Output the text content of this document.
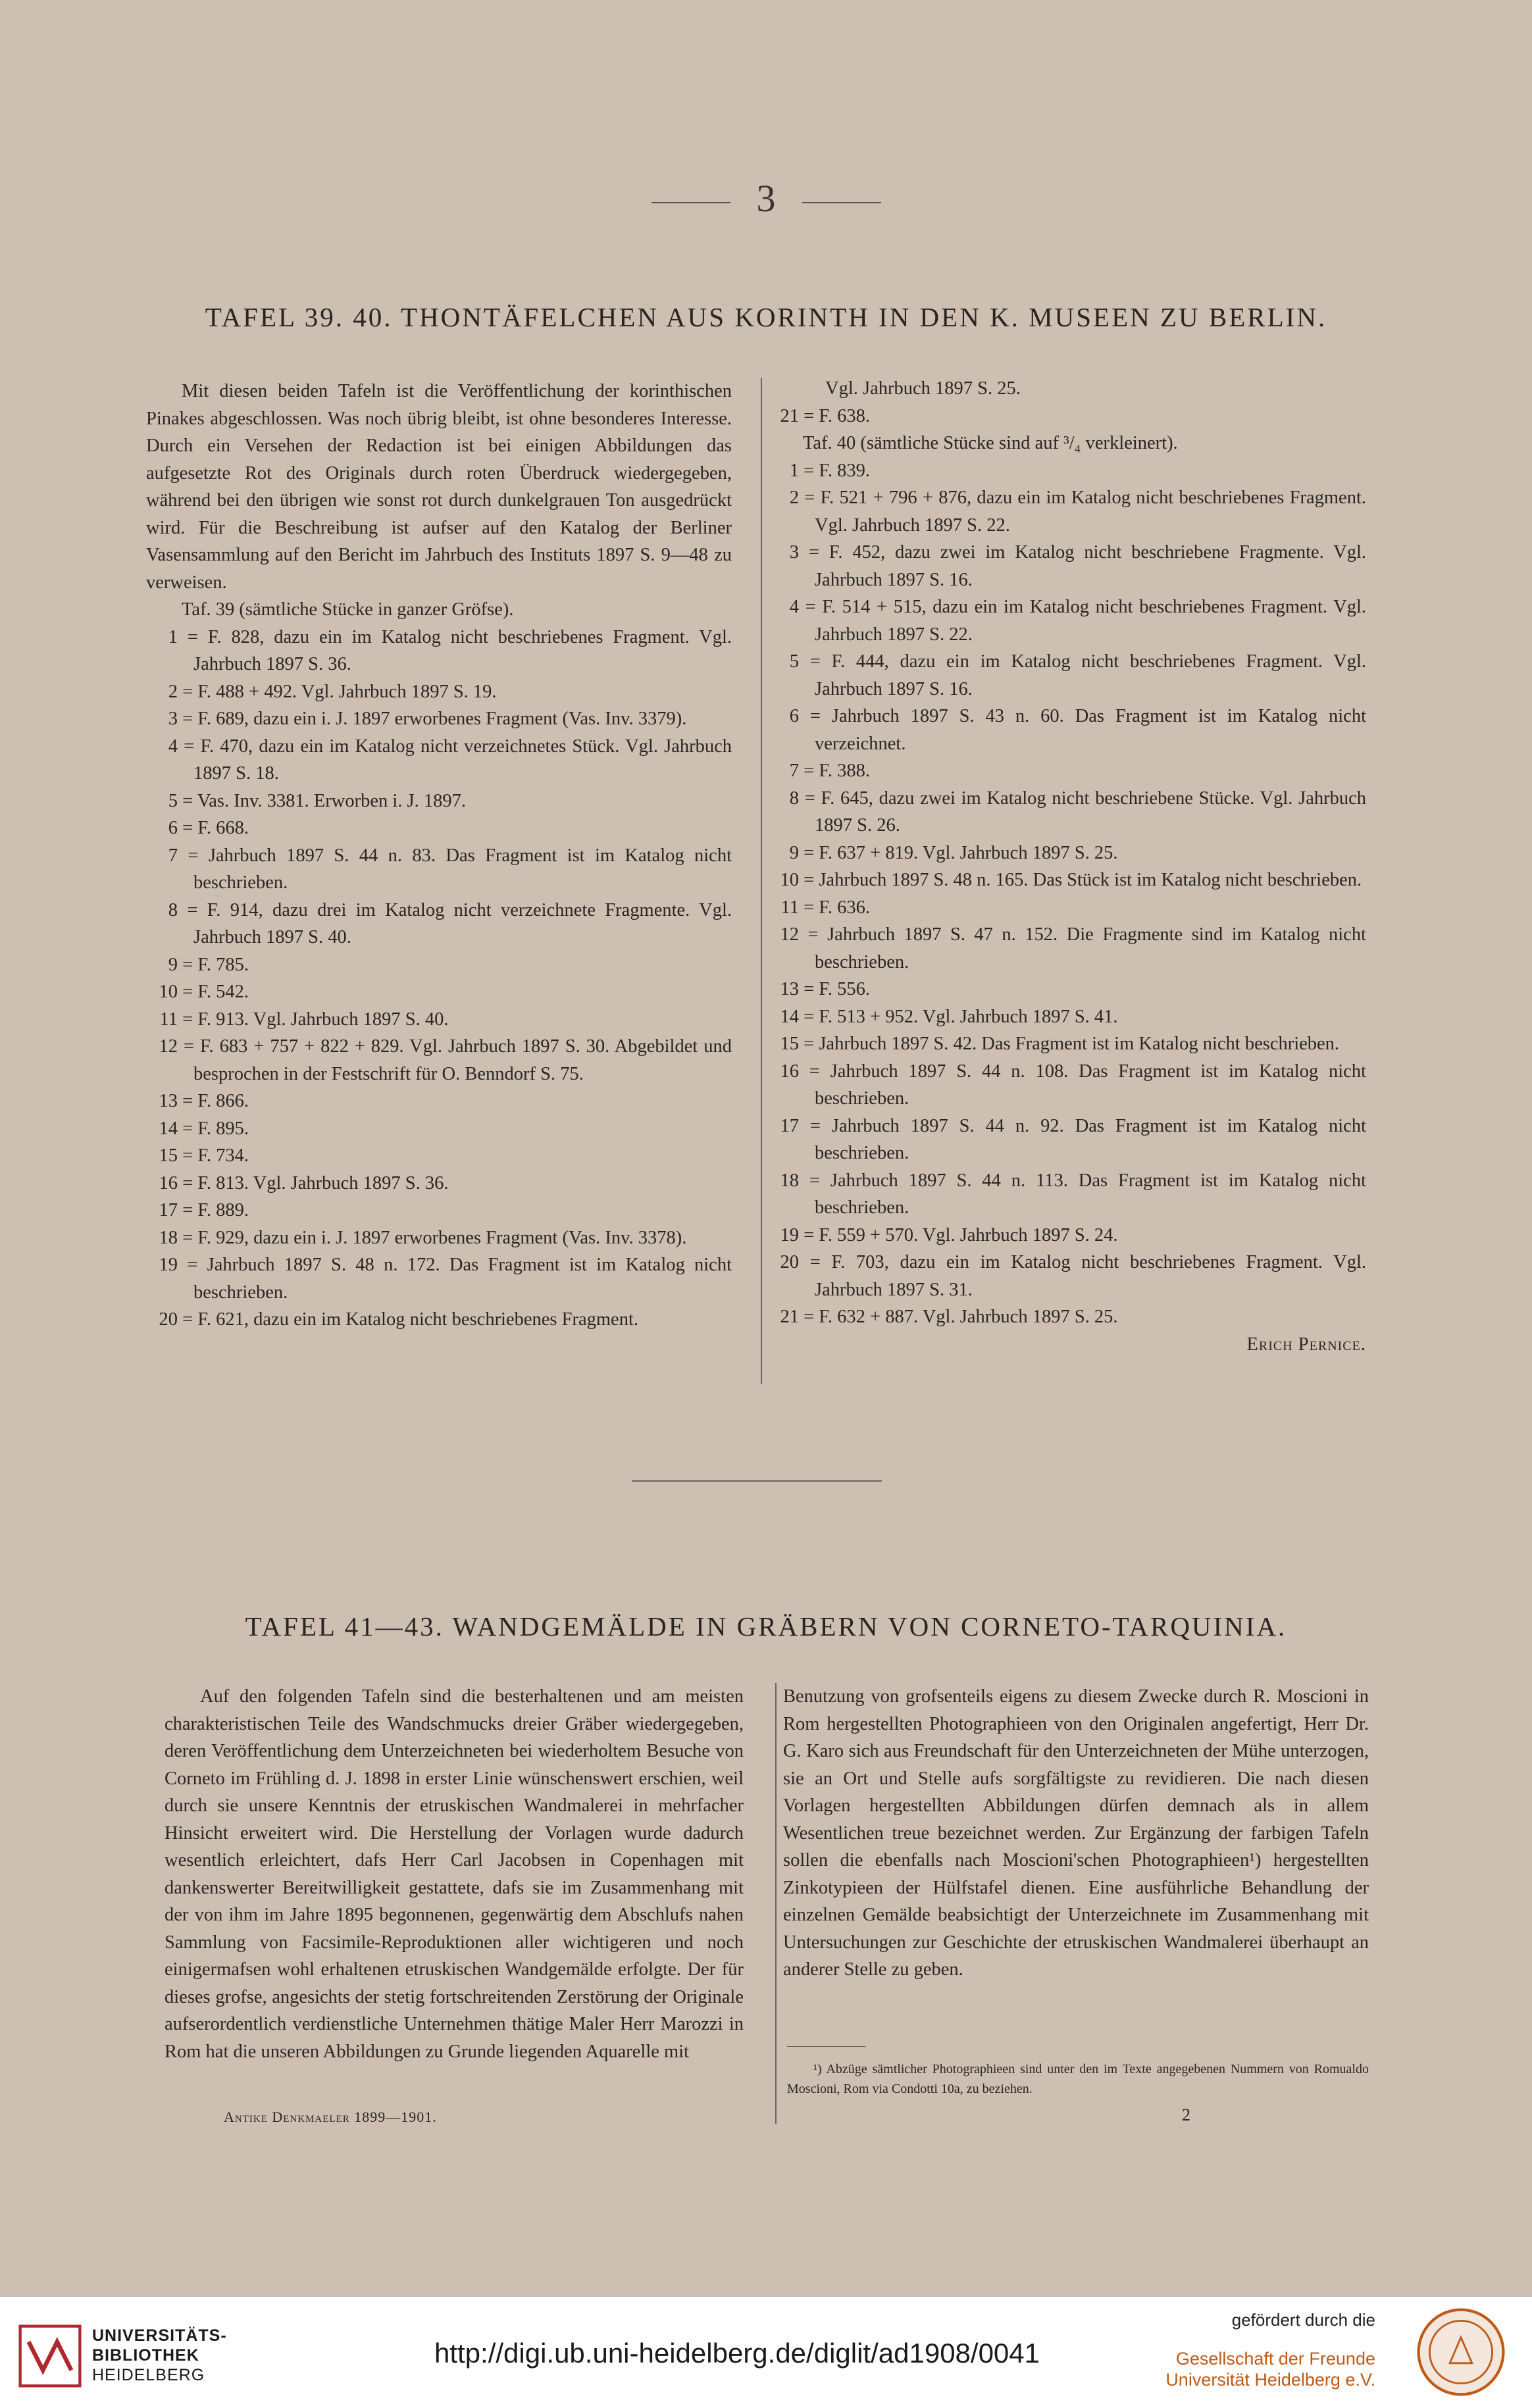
3
TAFEL 39. 40. THONTÄFELCHEN AUS KORINTH IN DEN K. MUSEEN ZU BERLIN.

Mit diesen beiden Tafeln ist die Veröffentlichung der korinthischen Pinakes abgeschlossen. Was noch übrig bleibt, ist ohne besonderes Interesse. Durch ein Versehen der Redaction ist bei einigen Abbildungen das aufgesetzte Rot des Originals durch roten Überdruck wiedergegeben, während bei den übrigen wie sonst rot durch dunkelgrauen Ton ausgedrückt wird. Für die Beschreibung ist aufser auf den Katalog der Berliner Vasensammlung auf den Bericht im Jahrbuch des Instituts 1897 S. 9—48 zu verweisen.

Taf. 39 (sämtliche Stücke in ganzer Gröfse).

1 = F. 828, dazu ein im Katalog nicht beschriebenes Fragment. Vgl. Jahrbuch 1897 S. 36.

2 = F. 488 + 492. Vgl. Jahrbuch 1897 S. 19.

3 = F. 689, dazu ein i. J. 1897 erworbenes Fragment (Vas. Inv. 3379).

4 = F. 470, dazu ein im Katalog nicht verzeichnetes Stück. Vgl. Jahrbuch 1897 S. 18.

5 = Vas. Inv. 3381. Erworben i. J. 1897.

6 = F. 668.

7 = Jahrbuch 1897 S. 44 n. 83. Das Fragment ist im Katalog nicht beschrieben.

8 = F. 914, dazu drei im Katalog nicht verzeichnete Fragmente. Vgl. Jahrbuch 1897 S. 40.

9 = F. 785.

10 = F. 542.

11 = F. 913. Vgl. Jahrbuch 1897 S. 40.

12 = F. 683 + 757 + 822 + 829. Vgl. Jahrbuch 1897 S. 30. Abgebildet und besprochen in der Festschrift für O. Benndorf S. 75.

13 = F. 866.

14 = F. 895.

15 = F. 734.

16 = F. 813. Vgl. Jahrbuch 1897 S. 36.

17 = F. 889.

18 = F. 929, dazu ein i. J. 1897 erworbenes Fragment (Vas. Inv. 3378).

19 = Jahrbuch 1897 S. 48 n. 172. Das Fragment ist im Katalog nicht beschrieben.

20 = F. 621, dazu ein im Katalog nicht beschriebenes Fragment.

Vgl. Jahrbuch 1897 S. 25.

21 = F. 638.

Taf. 40 (sämtliche Stücke sind auf ³/₄ verkleinert).

1 = F. 839.

2 = F. 521 + 796 + 876, dazu ein im Katalog nicht beschriebenes Fragment. Vgl. Jahrbuch 1897 S. 22.

3 = F. 452, dazu zwei im Katalog nicht beschriebene Fragmente. Vgl. Jahrbuch 1897 S. 16.

4 = F. 514 + 515, dazu ein im Katalog nicht beschriebenes Fragment. Vgl. Jahrbuch 1897 S. 22.

5 = F. 444, dazu ein im Katalog nicht beschriebenes Fragment. Vgl. Jahrbuch 1897 S. 16.

6 = Jahrbuch 1897 S. 43 n. 60. Das Fragment ist im Katalog nicht verzeichnet.

7 = F. 388.

8 = F. 645, dazu zwei im Katalog nicht beschriebene Stücke. Vgl. Jahrbuch 1897 S. 26.

9 = F. 637 + 819. Vgl. Jahrbuch 1897 S. 25.

10 = Jahrbuch 1897 S. 48 n. 165. Das Stück ist im Katalog nicht beschrieben.

11 = F. 636.

12 = Jahrbuch 1897 S. 47 n. 152. Die Fragmente sind im Katalog nicht beschrieben.

13 = F. 556.

14 = F. 513 + 952. Vgl. Jahrbuch 1897 S. 41.

15 = Jahrbuch 1897 S. 42. Das Fragment ist im Katalog nicht beschrieben.

16 = Jahrbuch 1897 S. 44 n. 108. Das Fragment ist im Katalog nicht beschrieben.

17 = Jahrbuch 1897 S. 44 n. 92. Das Fragment ist im Katalog nicht beschrieben.

18 = Jahrbuch 1897 S. 44 n. 113. Das Fragment ist im Katalog nicht beschrieben.

19 = F. 559 + 570. Vgl. Jahrbuch 1897 S. 24.

20 = F. 703, dazu ein im Katalog nicht beschriebenes Fragment. Vgl. Jahrbuch 1897 S. 31.

21 = F. 632 + 887. Vgl. Jahrbuch 1897 S. 25.

Erich Pernice.

TAFEL 41—43. WANDGEMÄLDE IN GRÄBERN VON CORNETO-TARQUINIA.

Auf den folgenden Tafeln sind die besterhaltenen und am meisten charakteristischen Teile des Wandschmucks dreier Gräber wiedergegeben, deren Veröffentlichung dem Unterzeichneten bei wiederholtem Besuche von Corneto im Frühling d. J. 1898 in erster Linie wünschenswert erschien, weil durch sie unsere Kenntnis der etruskischen Wandmalerei in mehrfacher Hinsicht erweitert wird. Die Herstellung der Vorlagen wurde dadurch wesentlich erleichtert, dafs Herr Carl Jacobsen in Copenhagen mit dankenswerter Bereitwilligkeit gestattete, dafs sie im Zusammenhang mit der von ihm im Jahre 1895 begonnenen, gegenwärtig dem Abschlufs nahen Sammlung von Facsimile-Reproduktionen aller wichtigeren und noch einigermafsen wohl erhaltenen etruskischen Wandgemälde erfolgte. Der für dieses grofse, angesichts der stetig fortschreitenden Zerstörung der Originale aufserordentlich verdienstliche Unternehmen thätige Maler Herr Marozzi in Rom hat die unseren Abbildungen zu Grunde liegenden Aquarelle mit

Benutzung von grofsenteils eigens zu diesem Zwecke durch R. Moscioni in Rom hergestellten Photographieen von den Originalen angefertigt, Herr Dr. G. Karo sich aus Freundschaft für den Unterzeichneten der Mühe unterzogen, sie an Ort und Stelle aufs sorgfältigste zu revidieren. Die nach diesen Vorlagen hergestellten Abbildungen dürfen demnach als in allem Wesentlichen treue bezeichnet werden. Zur Ergänzung der farbigen Tafeln sollen die ebenfalls nach Moscioni'schen Photographieen¹) hergestellten Zinkotypieen der Hülfstafel dienen. Eine ausführliche Behandlung der einzelnen Gemälde beabsichtigt der Unterzeichnete im Zusammenhang mit Untersuchungen zur Geschichte der etruskischen Wandmalerei überhaupt an anderer Stelle zu geben.

¹) Abzüge sämtlicher Photographieen sind unter den im Texte angegebenen Nummern von Romualdo Moscioni, Rom via Condotti 10a, zu beziehen.
Antike Denkmaeler 1899—1901.	2
UNIVERSITÄTS-
BIBLIOTHEK
HEIDELBERG
http://digi.ub.uni-heidelberg.de/diglit/ad1908/0041
gefördert durch die
Gesellschaft der Freunde
Universität Heidelberg e.V.
